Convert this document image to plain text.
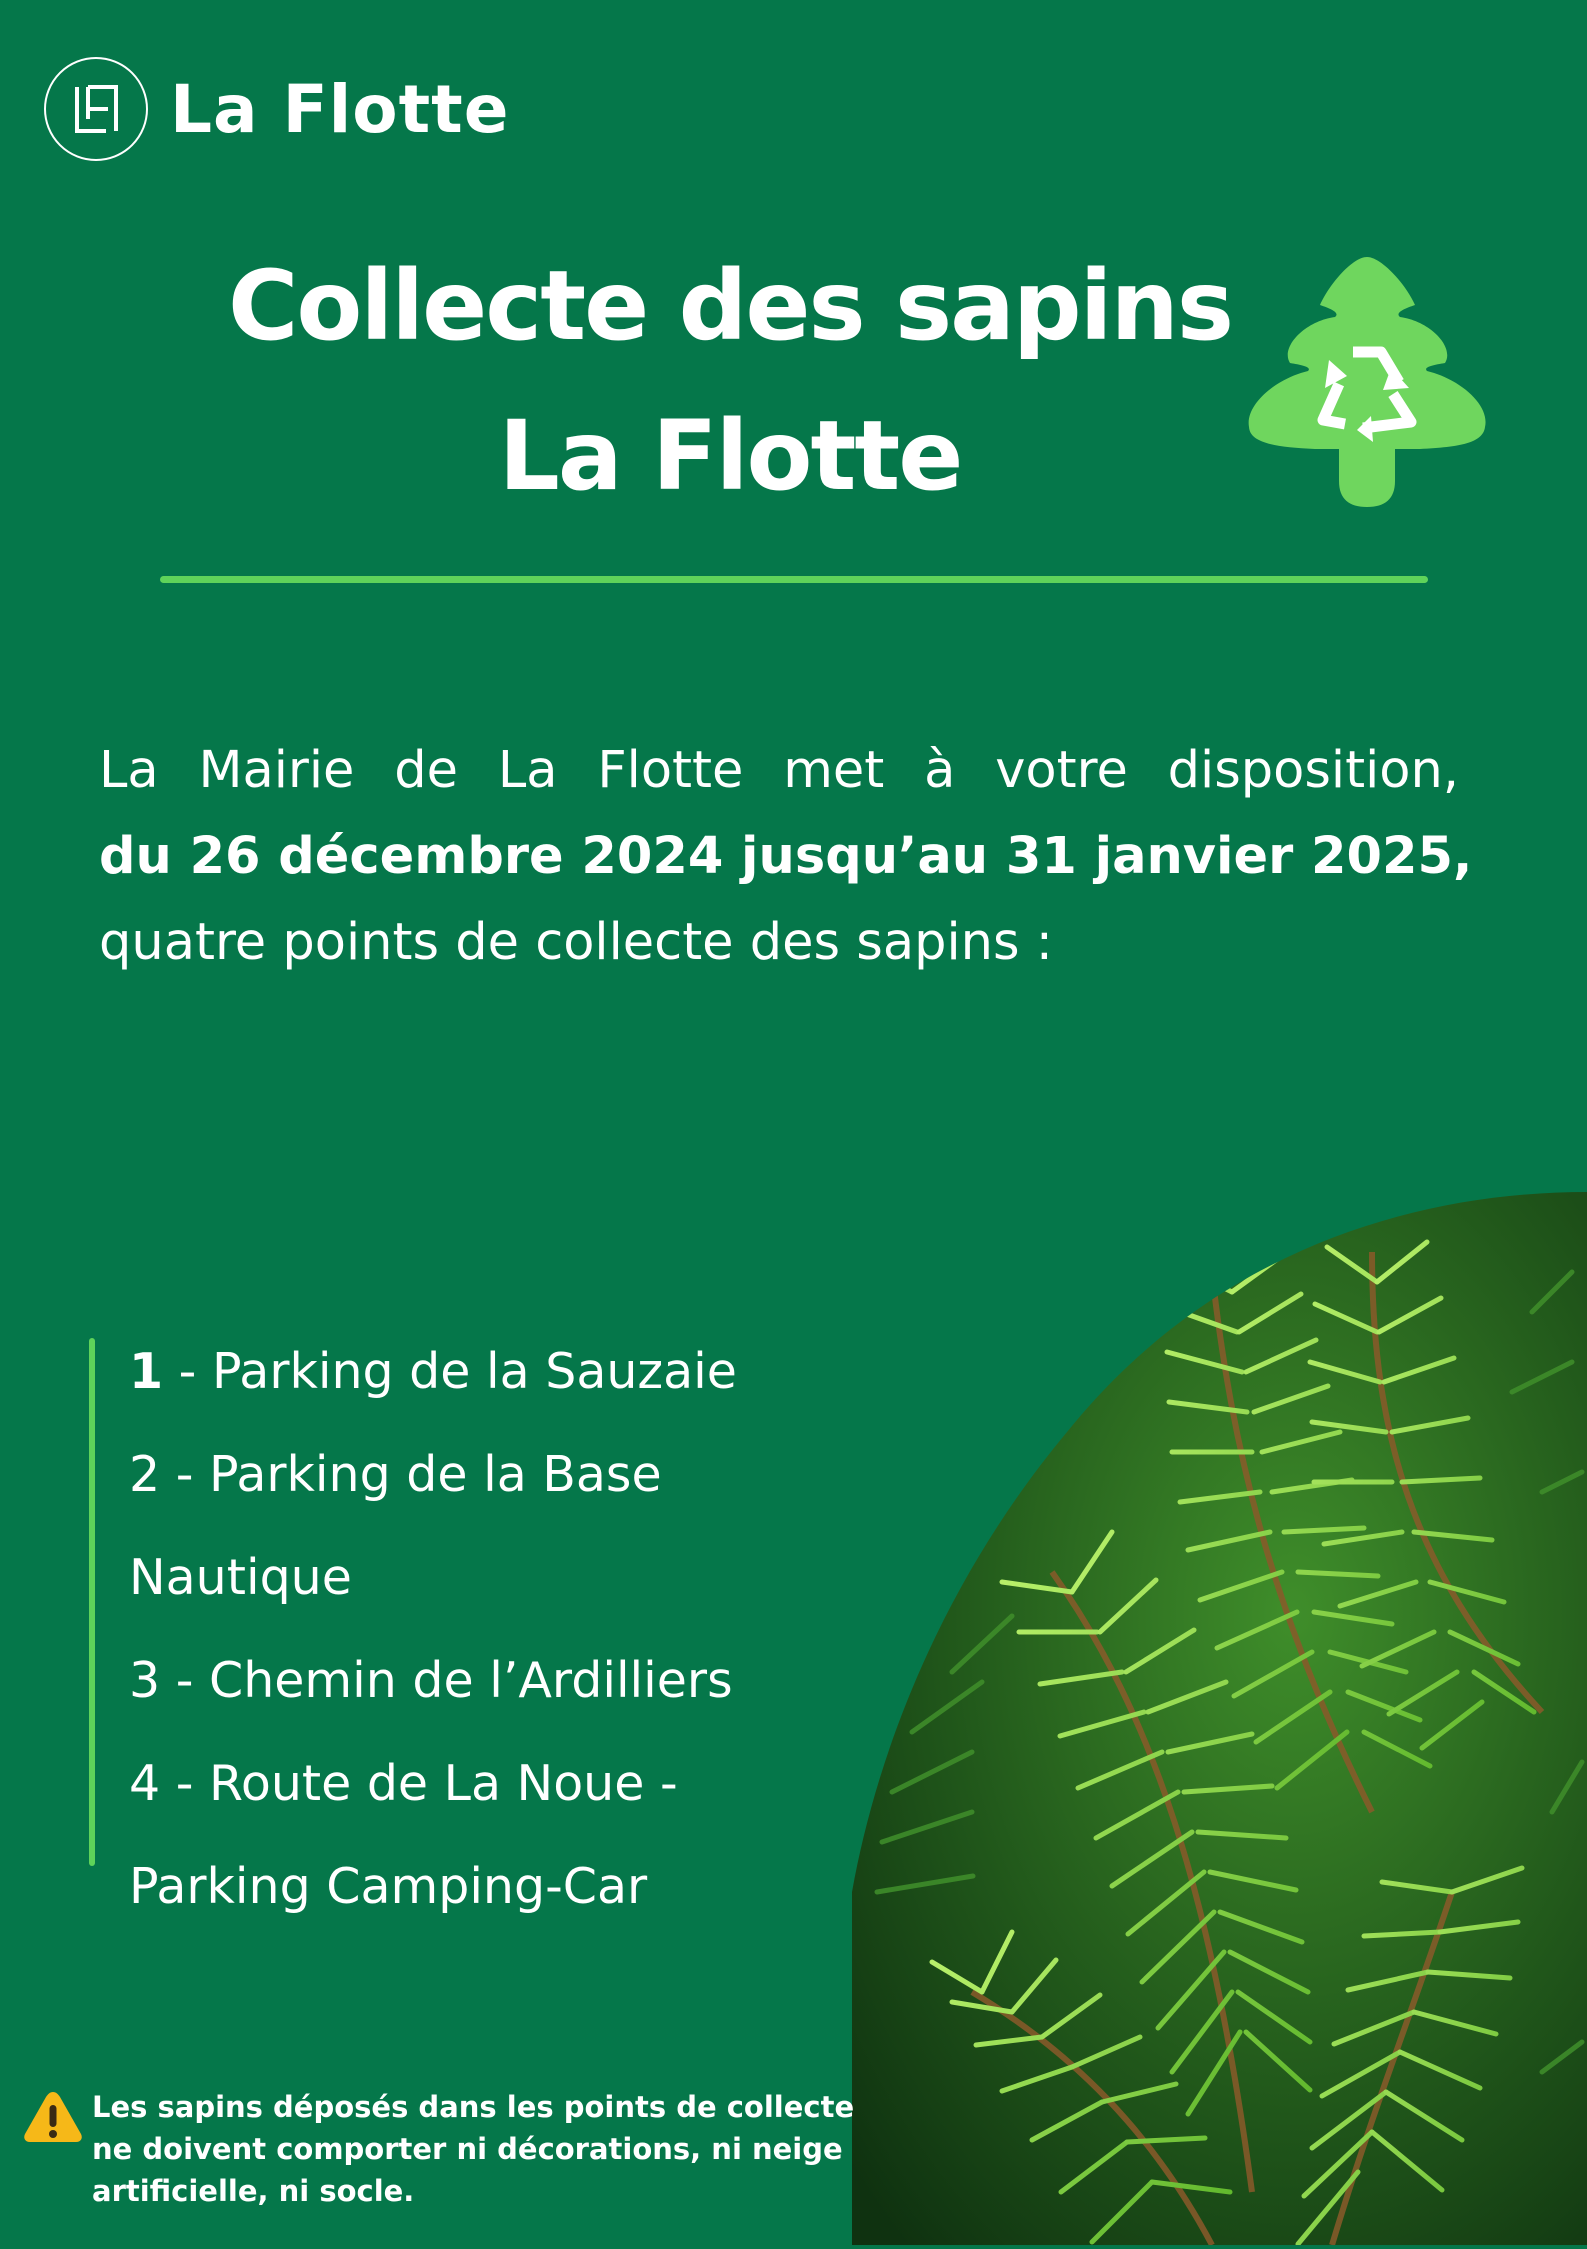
La Flotte
Collecte des sapins
La Flotte
La Mairie de La Flotte met à votre disposition,
du 26 décembre 2024 jusqu’au 31 janvier 2025,
quatre points de collecte des sapins :
1 - Parking de la Sauzaie
2 - Parking de la Base
Nautique
3 - Chemin de l’Ardilliers
4 - Route de La Noue -
Parking Camping-Car
Les sapins déposés dans les points de collecte ne doivent comporter ni décorations, ni neige artificielle, ni socle.
